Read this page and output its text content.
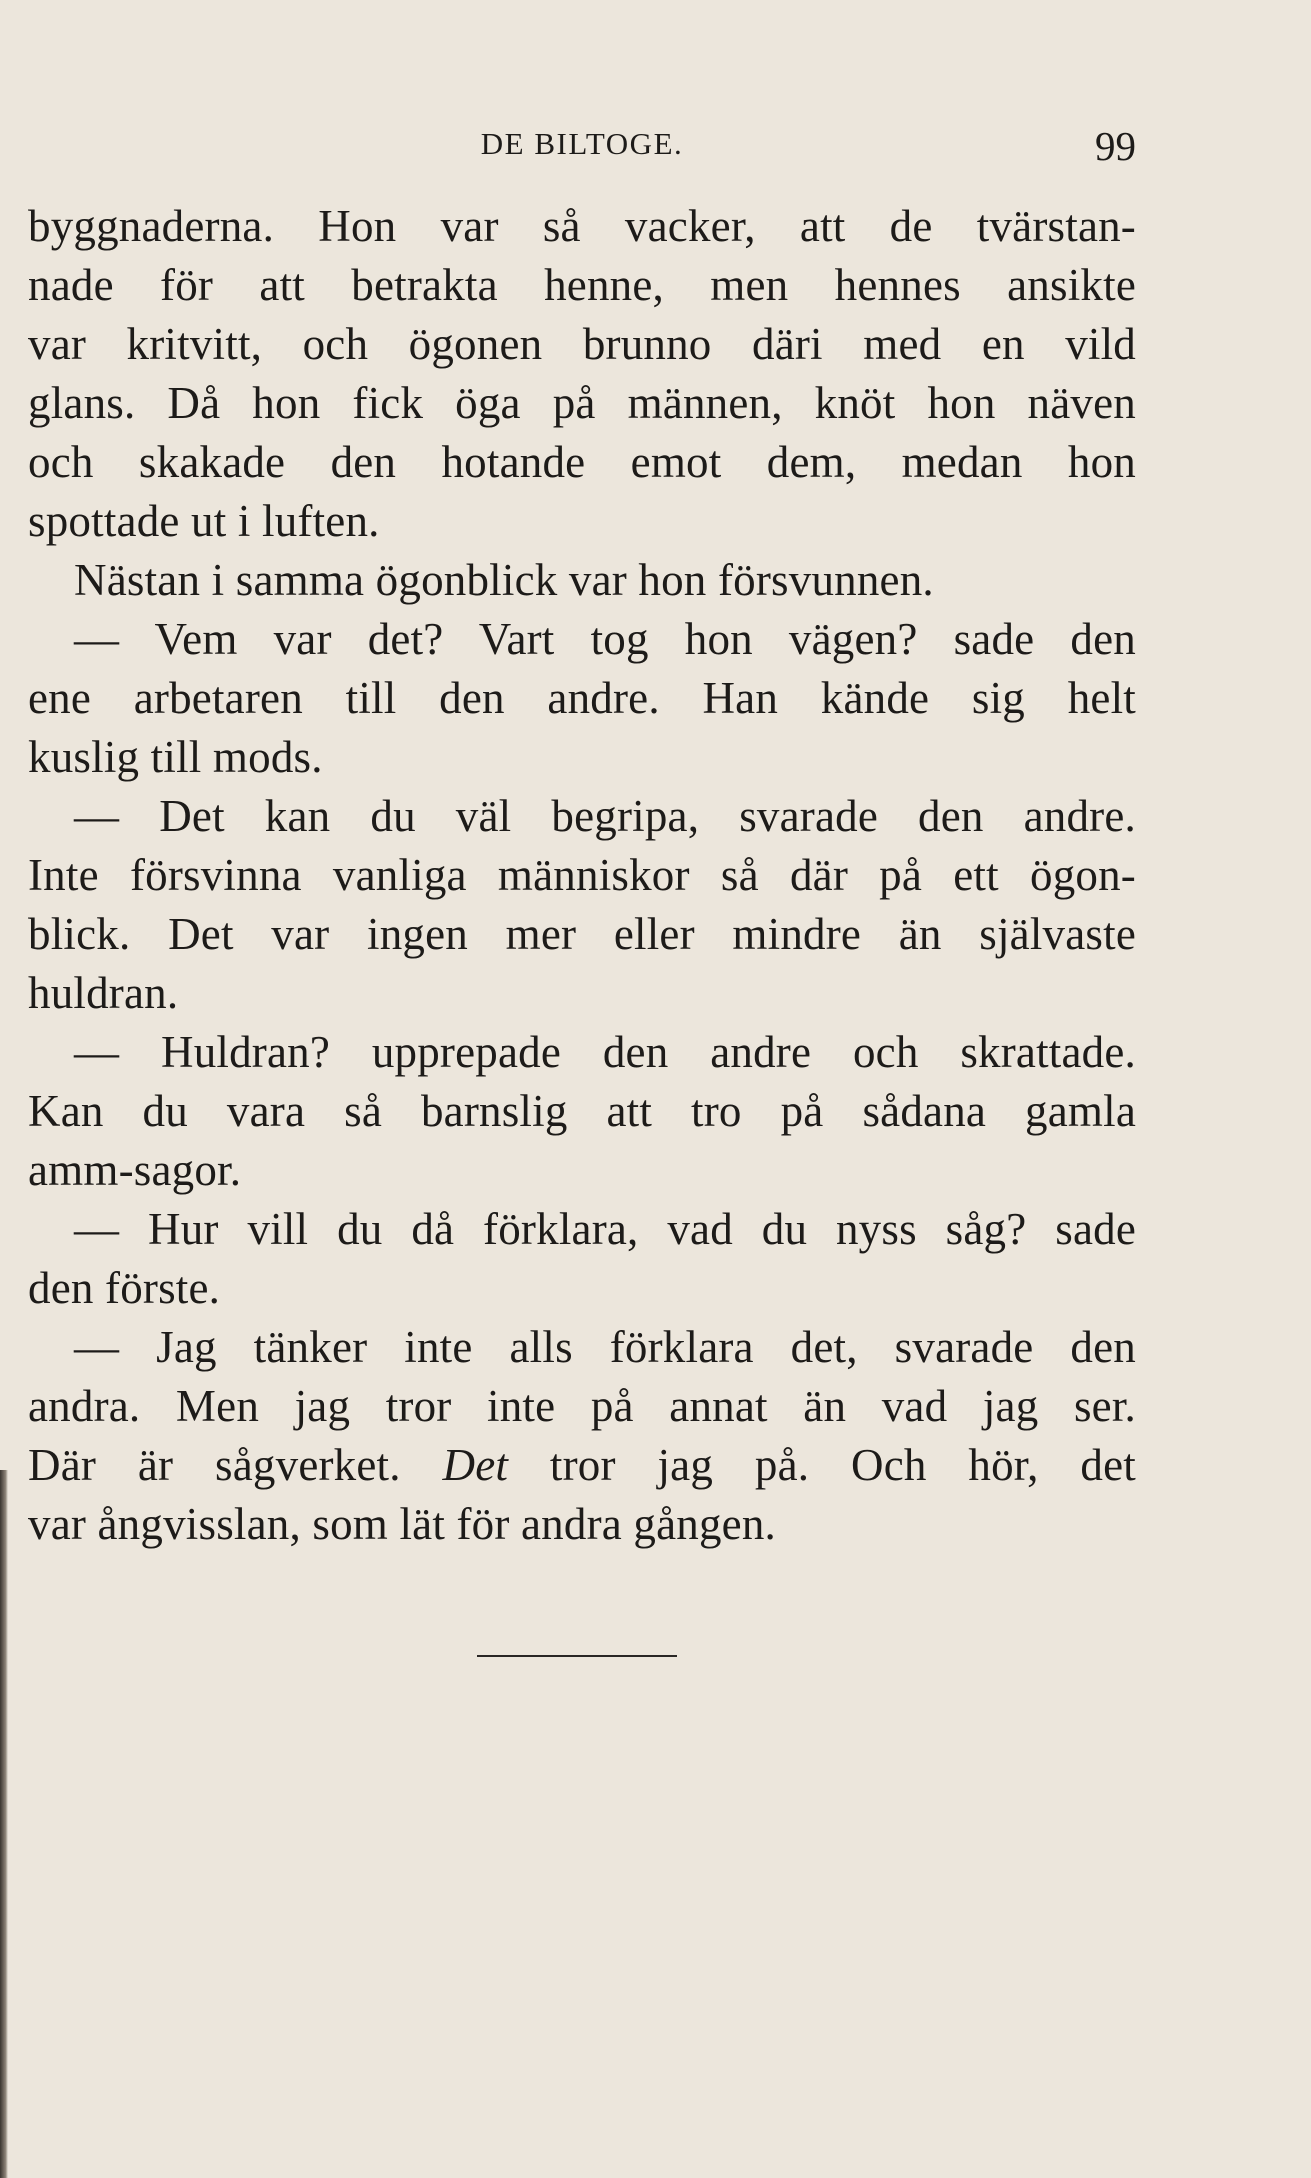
DE BILTOGE.	99
byggnaderna. Hon var så vacker, att de tvärstan-
nade för att betrakta henne, men hennes ansikte
var kritvitt, och ögonen brunno däri med en vild
glans. Då hon fick öga på männen, knöt hon näven
och skakade den hotande emot dem, medan hon
spottade ut i luften.
Nästan i samma ögonblick var hon försvunnen.
— Vem var det? Vart tog hon vägen? sade den
ene arbetaren till den andre. Han kände sig helt
kuslig till mods.
— Det kan du väl begripa, svarade den andre.
Inte försvinna vanliga människor så där på ett ögon-
blick. Det var ingen mer eller mindre än självaste
huldran.
— Huldran? upprepade den andre och skrattade.
Kan du vara så barnslig att tro på sådana gamla
amm-sagor.
— Hur vill du då förklara, vad du nyss såg? sade
den förste.
— Jag tänker inte alls förklara det, svarade den
andra. Men jag tror inte på annat än vad jag ser.
Där är sågverket. Det tror jag på. Och hör, det
var ångvisslan, som lät för andra gången.
